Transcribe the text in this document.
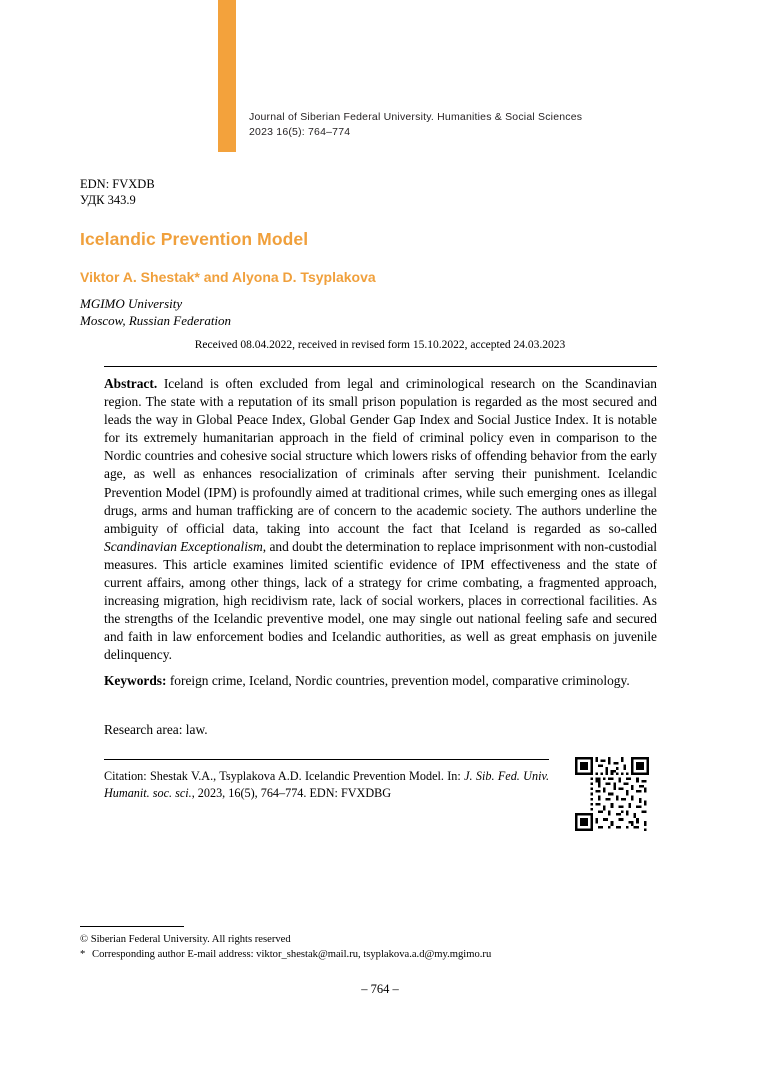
Journal of Siberian Federal University. Humanities & Social Sciences
2023 16(5): 764–774
EDN: FVXDB
УДК 343.9
Icelandic Prevention Model
Viktor A. Shestak* and Alyona D. Tsyplakova
MGIMO University
Moscow, Russian Federation
Received 08.04.2022, received in revised form 15.10.2022, accepted 24.03.2023
Abstract. Iceland is often excluded from legal and criminological research on the Scandinavian region. The state with a reputation of its small prison population is regarded as the most secured and leads the way in Global Peace Index, Global Gender Gap Index and Social Justice Index. It is notable for its extremely humanitarian approach in the field of criminal policy even in comparison to the Nordic countries and cohesive social structure which lowers risks of offending behavior from the early age, as well as enhances resocialization of criminals after serving their punishment. Icelandic Prevention Model (IPM) is profoundly aimed at traditional crimes, while such emerging ones as illegal drugs, arms and human trafficking are of concern to the academic society. The authors underline the ambiguity of official data, taking into account the fact that Iceland is regarded as so-called Scandinavian Exceptionalism, and doubt the determination to replace imprisonment with non-custodial measures. This article examines limited scientific evidence of IPM effectiveness and the state of current affairs, among other things, lack of a strategy for crime combating, a fragmented approach, increasing migration, high recidivism rate, lack of social workers, places in correctional facilities. As the strengths of the Icelandic preventive model, one may single out national feeling safe and secured and faith in law enforcement bodies and Icelandic authorities, as well as great emphasis on juvenile delinquency.
Keywords: foreign crime, Iceland, Nordic countries, prevention model, comparative criminology.
Research area: law.
Citation: Shestak V.A., Tsyplakova A.D. Icelandic Prevention Model. In: J. Sib. Fed. Univ. Humanit. soc. sci., 2023, 16(5), 764–774. EDN: FVXDBG
© Siberian Federal University. All rights reserved
* Corresponding author E-mail address: viktor_shestak@mail.ru, tsyplakova.a.d@my.mgimo.ru
– 764 –
